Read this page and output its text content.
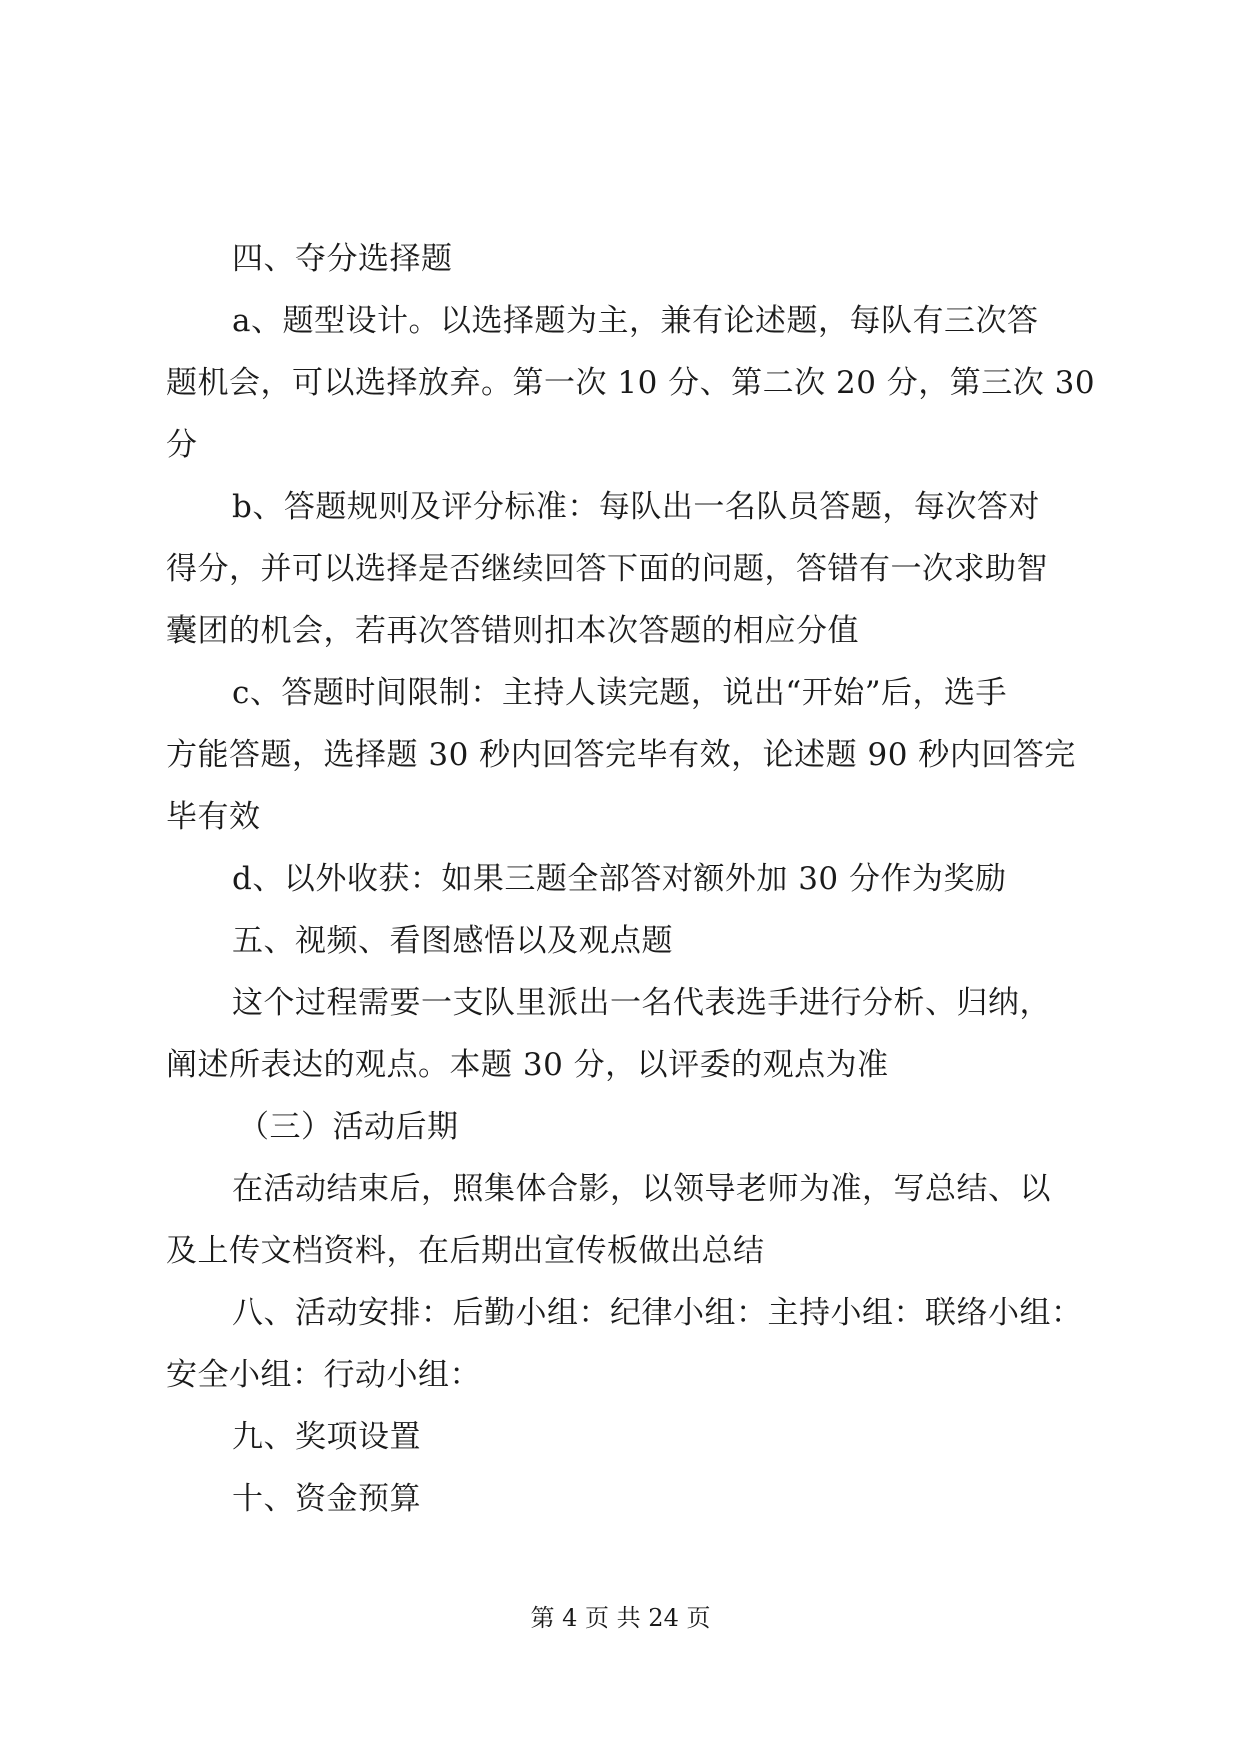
四、夺分选择题
a、题型设计。以选择题为主，兼有论述题，每队有三次答
题机会，可以选择放弃。第一次 10 分、第二次 20 分，第三次 30
分
b、答题规则及评分标准：每队出一名队员答题，每次答对
得分，并可以选择是否继续回答下面的问题，答错有一次求助智
囊团的机会，若再次答错则扣本次答题的相应分值
c、答题时间限制：主持人读完题，说出“开始”后，选手
方能答题，选择题 30 秒内回答完毕有效，论述题 90 秒内回答完
毕有效
d、以外收获：如果三题全部答对额外加 30 分作为奖励
五、视频、看图感悟以及观点题
这个过程需要一支队里派出一名代表选手进行分析、归纳，
阐述所表达的观点。本题 30 分，以评委的观点为准
（三）活动后期
在活动结束后，照集体合影，以领导老师为准，写总结、以
及上传文档资料，在后期出宣传板做出总结
八、活动安排：后勤小组：纪律小组：主持小组：联络小组：
安全小组：行动小组：
九、奖项设置
十、资金预算
第 4 页 共 24 页
